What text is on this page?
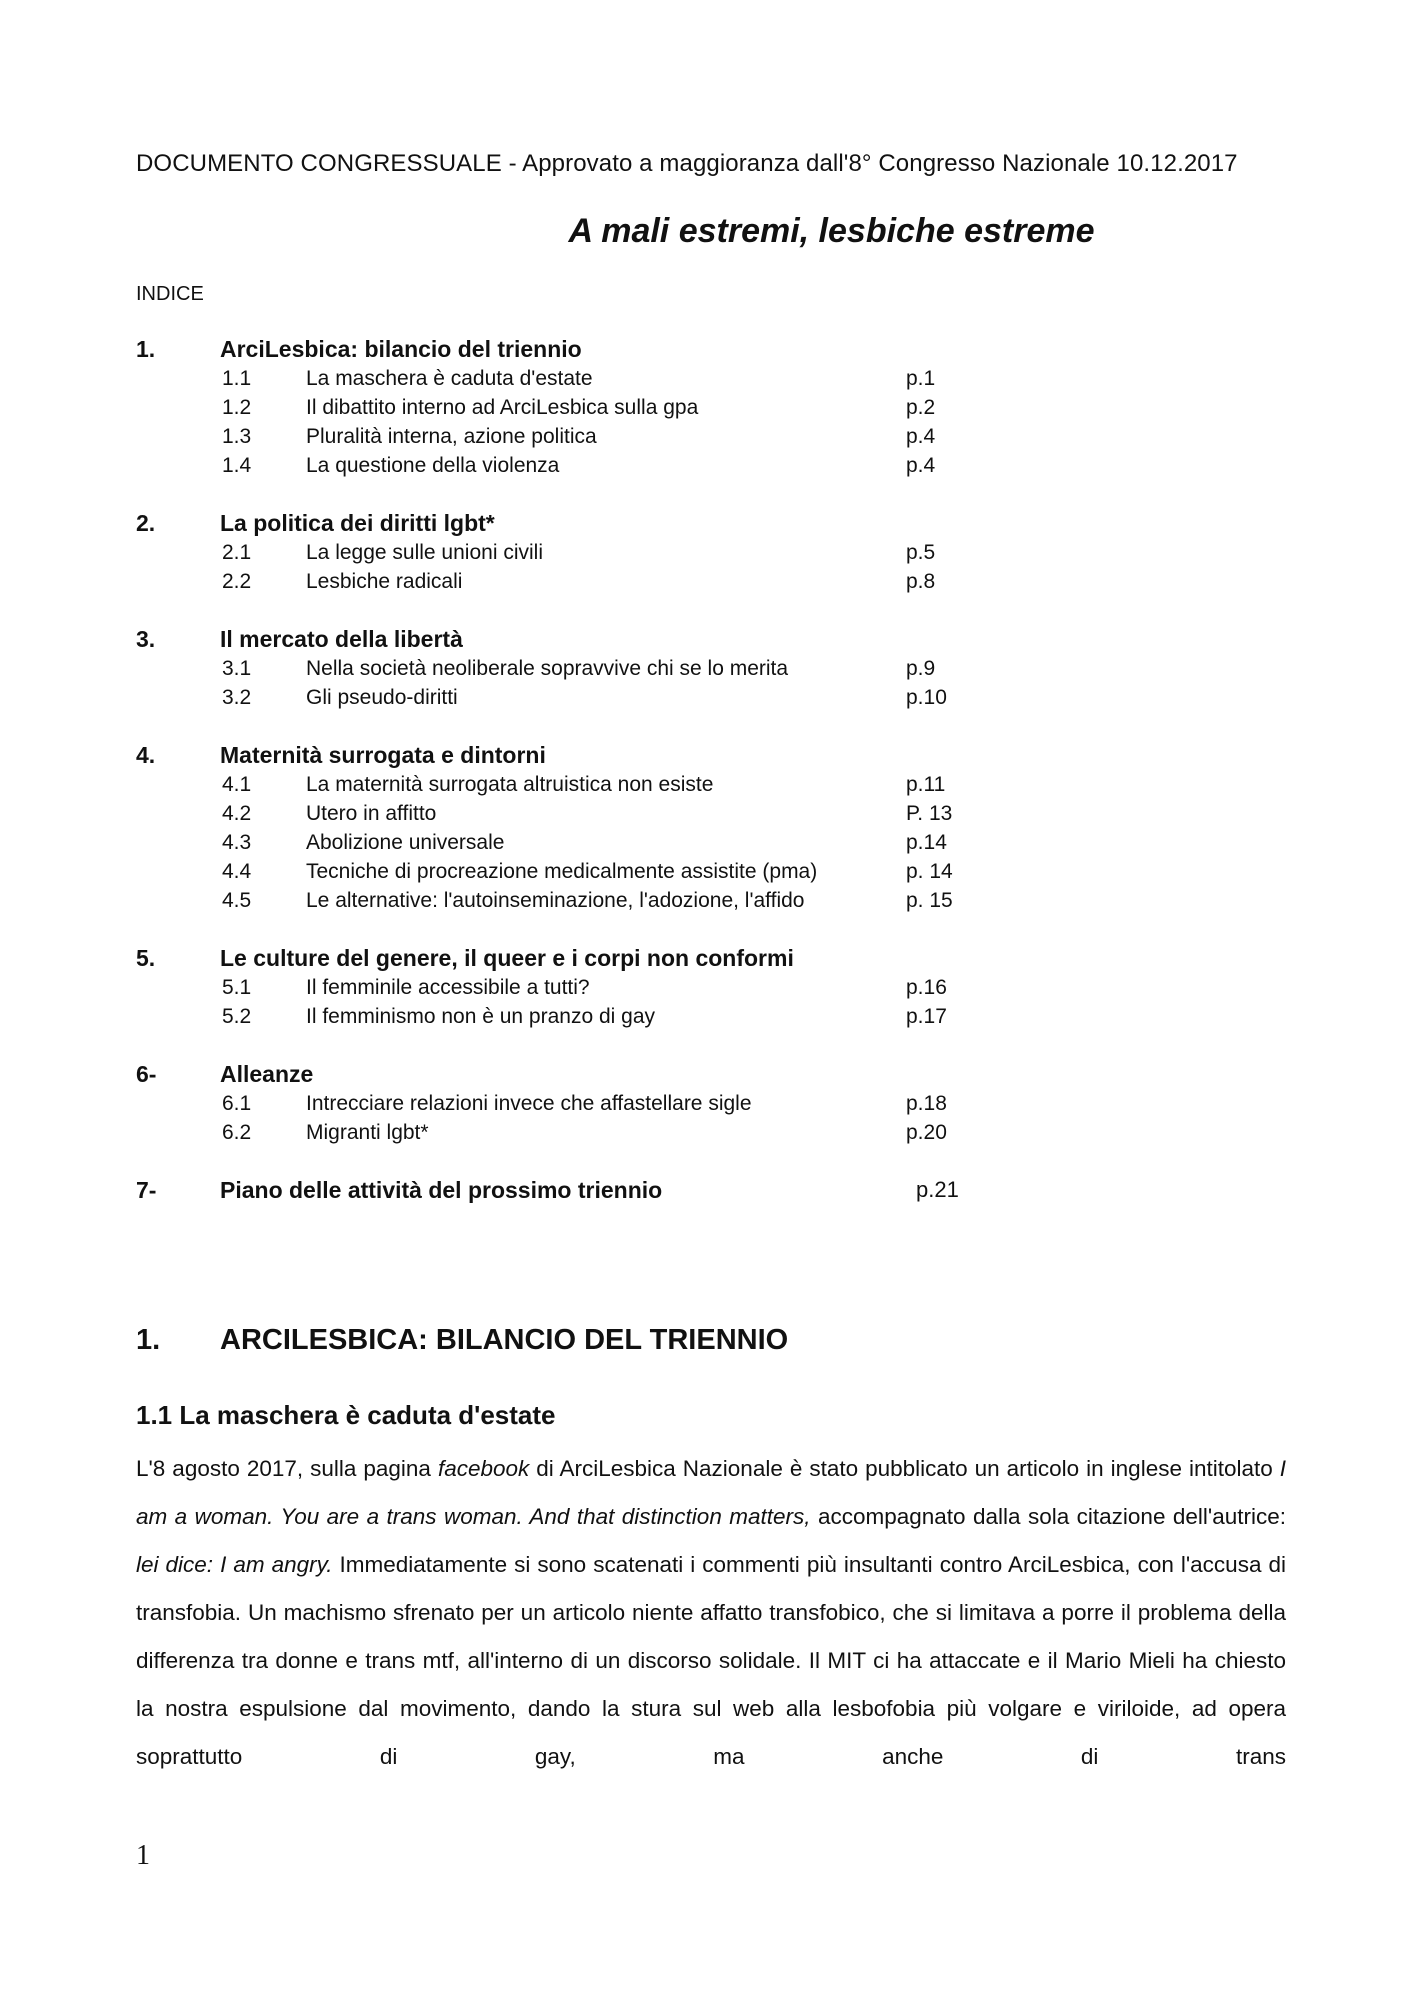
DOCUMENTO CONGRESSUALE - Approvato a maggioranza dall'8° Congresso Nazionale 10.12.2017
A mali estremi, lesbiche estreme
INDICE
1.	ArciLesbica: bilancio del triennio
1.1	La maschera è caduta d'estate	p.1
1.2	Il dibattito interno ad ArciLesbica sulla gpa	p.2
1.3	Pluralità interna, azione politica	p.4
1.4	La questione della violenza	p.4
2.	La politica dei diritti lgbt*
2.1	La legge sulle unioni civili	p.5
2.2	Lesbiche radicali	p.8
3.	Il mercato della libertà
3.1	Nella società neoliberale sopravvive chi se lo merita	p.9
3.2	Gli pseudo-diritti	p.10
4.	Maternità surrogata e dintorni
4.1	La maternità surrogata altruistica non esiste	p.11
4.2	Utero in affitto	P. 13
4.3	Abolizione universale	p.14
4.4	Tecniche di procreazione medicalmente assistite (pma)	p. 14
4.5	Le alternative: l'autoinseminazione, l'adozione, l'affido	p. 15
5.	Le culture del genere, il queer e i corpi non conformi
5.1	Il femminile accessibile a tutti?	p.16
5.2	Il femminismo non è un pranzo di gay	p.17
6-	Alleanze
6.1	Intrecciare relazioni invece che affastellare sigle	p.18
6.2	Migranti lgbt*	p.20
7-	Piano delle attività del prossimo triennio	p.21
1.	ARCILESBICA: BILANCIO DEL TRIENNIO
1.1 La maschera è caduta d'estate
L'8 agosto 2017, sulla pagina facebook di ArciLesbica Nazionale è stato pubblicato un articolo in inglese intitolato I am a woman. You are a trans woman. And that distinction matters, accompagnato dalla sola citazione dell'autrice: lei dice: I am angry. Immediatamente si sono scatenati i commenti più insultanti contro ArciLesbica, con l'accusa di transfobia. Un machismo sfrenato per un articolo niente affatto transfobico, che si limitava a porre il problema della differenza tra donne e trans mtf, all'interno di un discorso solidale. Il MIT ci ha attaccate e il Mario Mieli ha chiesto la nostra espulsione dal movimento, dando la stura sul web alla lesbofobia più volgare e viriloide, ad opera soprattutto di gay, ma anche di trans
1
